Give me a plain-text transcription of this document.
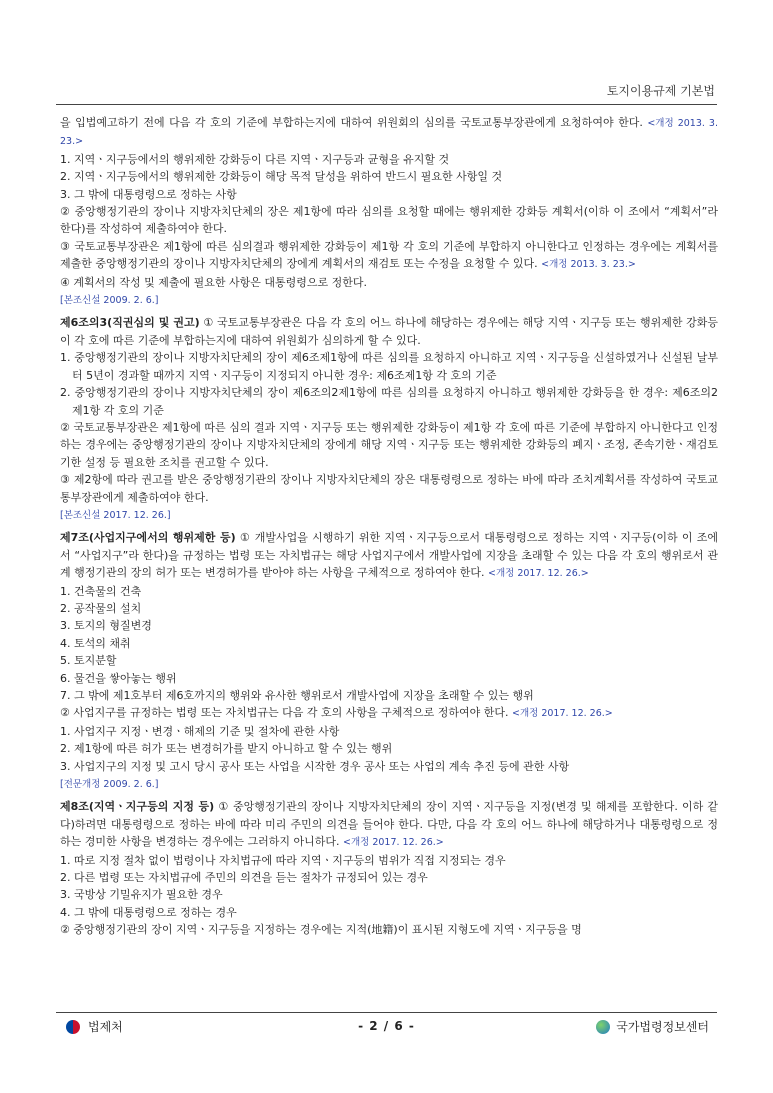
토지이용규제 기본법

을 입법예고하기 전에 다음 각 호의 기준에 부합하는지에 대하여 위원회의 심의를 국토교통부장관에게 요청하여야 한다. <개정 2013. 3. 23.>

1. 지역ㆍ지구등에서의 행위제한 강화등이 다른 지역ㆍ지구등과 균형을 유지할 것

2. 지역ㆍ지구등에서의 행위제한 강화등이 해당 목적 달성을 위하여 반드시 필요한 사항일 것

3. 그 밖에 대통령령으로 정하는 사항

② 중앙행정기관의 장이나 지방자치단체의 장은 제1항에 따라 심의를 요청할 때에는 행위제한 강화등 계획서(이하 이 조에서 “계획서”라 한다)를 작성하여 제출하여야 한다.

③ 국토교통부장관은 제1항에 따른 심의결과 행위제한 강화등이 제1항 각 호의 기준에 부합하지 아니한다고 인정하는 경우에는 계획서를 제출한 중앙행정기관의 장이나 지방자치단체의 장에게 계획서의 재검토 또는 수정을 요청할 수 있다. <개정 2013. 3. 23.>

④ 계획서의 작성 및 제출에 필요한 사항은 대통령령으로 정한다.

[본조신설 2009. 2. 6.]

제6조의3(직권심의 및 권고) ① 국토교통부장관은 다음 각 호의 어느 하나에 해당하는 경우에는 해당 지역ㆍ지구등 또는 행위제한 강화등이 각 호에 따른 기준에 부합하는지에 대하여 위원회가 심의하게 할 수 있다.

1. 중앙행정기관의 장이나 지방자치단체의 장이 제6조제1항에 따른 심의를 요청하지 아니하고 지역ㆍ지구등을 신설하였거나 신설된 날부터 5년이 경과할 때까지 지역ㆍ지구등이 지정되지 아니한 경우: 제6조제1항 각 호의 기준

2. 중앙행정기관의 장이나 지방자치단체의 장이 제6조의2제1항에 따른 심의를 요청하지 아니하고 행위제한 강화등을 한 경우: 제6조의2제1항 각 호의 기준

② 국토교통부장관은 제1항에 따른 심의 결과 지역ㆍ지구등 또는 행위제한 강화등이 제1항 각 호에 따른 기준에 부합하지 아니한다고 인정하는 경우에는 중앙행정기관의 장이나 지방자치단체의 장에게 해당 지역ㆍ지구등 또는 행위제한 강화등의 폐지ㆍ조정, 존속기한ㆍ재검토기한 설정 등 필요한 조치를 권고할 수 있다.

③ 제2항에 따라 권고를 받은 중앙행정기관의 장이나 지방자치단체의 장은 대통령령으로 정하는 바에 따라 조치계획서를 작성하여 국토교통부장관에게 제출하여야 한다.

[본조신설 2017. 12. 26.]

제7조(사업지구에서의 행위제한 등) ① 개발사업을 시행하기 위한 지역ㆍ지구등으로서 대통령령으로 정하는 지역ㆍ지구등(이하 이 조에서 “사업지구”라 한다)을 규정하는 법령 또는 자치법규는 해당 사업지구에서 개발사업에 지장을 초래할 수 있는 다음 각 호의 행위로서 관계 행정기관의 장의 허가 또는 변경허가를 받아야 하는 사항을 구체적으로 정하여야 한다. <개정 2017. 12. 26.>

1. 건축물의 건축

2. 공작물의 설치

3. 토지의 형질변경

4. 토석의 채취

5. 토지분할

6. 물건을 쌓아놓는 행위

7. 그 밖에 제1호부터 제6호까지의 행위와 유사한 행위로서 개발사업에 지장을 초래할 수 있는 행위

② 사업지구를 규정하는 법령 또는 자치법규는 다음 각 호의 사항을 구체적으로 정하여야 한다. <개정 2017. 12. 26.>

1. 사업지구 지정ㆍ변경ㆍ해제의 기준 및 절차에 관한 사항

2. 제1항에 따른 허가 또는 변경허가를 받지 아니하고 할 수 있는 행위

3. 사업지구의 지정 및 고시 당시 공사 또는 사업을 시작한 경우 공사 또는 사업의 계속 추진 등에 관한 사항

[전문개정 2009. 2. 6.]

제8조(지역ㆍ지구등의 지정 등) ① 중앙행정기관의 장이나 지방자치단체의 장이 지역ㆍ지구등을 지정(변경 및 해제를 포함한다. 이하 같다)하려면 대통령령으로 정하는 바에 따라 미리 주민의 의견을 들어야 한다. 다만, 다음 각 호의 어느 하나에 해당하거나 대통령령으로 정하는 경미한 사항을 변경하는 경우에는 그러하지 아니하다. <개정 2017. 12. 26.>

1. 따로 지정 절차 없이 법령이나 자치법규에 따라 지역ㆍ지구등의 범위가 직접 지정되는 경우

2. 다른 법령 또는 자치법규에 주민의 의견을 듣는 절차가 규정되어 있는 경우

3. 국방상 기밀유지가 필요한 경우

4. 그 밖에 대통령령으로 정하는 경우

② 중앙행정기관의 장이 지역ㆍ지구등을 지정하는 경우에는 지적(地籍)이 표시된 지형도에 지역ㆍ지구등을 명

법제처	- 2 / 6 -	국가법령정보센터
